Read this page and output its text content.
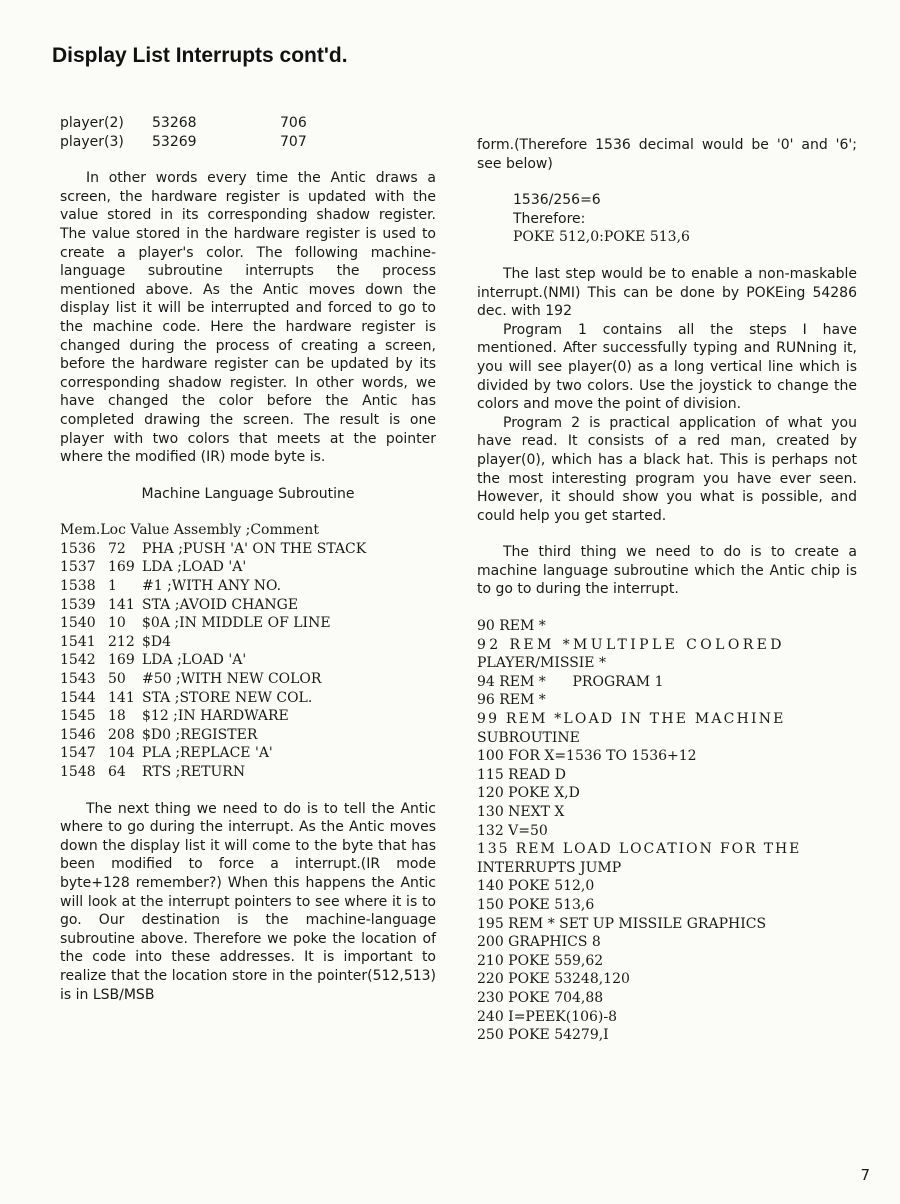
Display List Interrupts cont'd.
player(2)	53268	706
player(3)	53269	707

In other words every time the Antic draws a screen, the hardware register is updated with the value stored in its corresponding shadow register. The value stored in the hardware register is used to create a player's color. The following machine-language subroutine interrupts the process mentioned above. As the Antic moves down the display list it will be interrupted and forced to go to the machine code. Here the hardware register is changed during the process of creating a screen, before the hardware register can be updated by its corresponding shadow register. In other words, we have changed the color before the Antic has completed drawing the screen. The result is one player with two colors that meets at the pointer where the modified (IR) mode byte is.

Machine Language Subroutine

Mem.Loc Value Assembly ;Comment
1536 72 PHA ;PUSH 'A' ON THE STACK
1537 169 LDA ;LOAD 'A'
1538 1 #1 ;WITH ANY NO.
1539 141 STA ;AVOID CHANGE
1540 10 $0A ;IN MIDDLE OF LINE
1541 212 $D4
1542 169 LDA ;LOAD 'A'
1543 50 #50 ;WITH NEW COLOR
1544 141 STA ;STORE NEW COL.
1545 18 $12 ;IN HARDWARE
1546 208 $D0 ;REGISTER
1547 104 PLA ;REPLACE 'A'
1548 64 RTS ;RETURN

The next thing we need to do is to tell the Antic where to go during the interrupt. As the Antic moves down the display list it will come to the byte that has been modified to force a interrupt.(IR mode byte+128 remember?) When this happens the Antic will look at the interrupt pointers to see where it is to go. Our destination is the machine-language subroutine above. Therefore we poke the location of the code into these addresses. It is important to realize that the location store in the pointer(512,513) is in LSB/MSB

form.(Therefore 1536 decimal would be '0' and '6'; see below)

1536/256=6
Therefore:
POKE 512,0:POKE 513,6

The last step would be to enable a non-maskable interrupt.(NMI) This can be done by POKEing 54286 dec. with 192

Program 1 contains all the steps I have mentioned. After successfully typing and RUNning it, you will see player(0) as a long vertical line which is divided by two colors. Use the joystick to change the colors and move the point of division.

Program 2 is practical application of what you have read. It consists of a red man, created by player(0), which has a black hat. This is perhaps not the most interesting program you have ever seen. However, it should show you what is possible, and could help you get started.

The third thing we need to do is to create a machine language subroutine which the Antic chip is to go to during the interrupt.

90 REM *
92 REM *MULTIPLE COLORED
PLAYER/MISSIE *
94 REM *      PROGRAM 1
96 REM *
99 REM *LOAD IN THE MACHINE
SUBROUTINE
100 FOR X=1536 TO 1536+12
115 READ D
120 POKE X,D
130 NEXT X
132 V=50
135 REM LOAD LOCATION FOR THE
INTERRUPTS JUMP
140 POKE 512,0
150 POKE 513,6
195 REM * SET UP MISSILE GRAPHICS
200 GRAPHICS 8
210 POKE 559,62
220 POKE 53248,120
230 POKE 704,88
240 I=PEEK(106)-8
250 POKE 54279,I
7
